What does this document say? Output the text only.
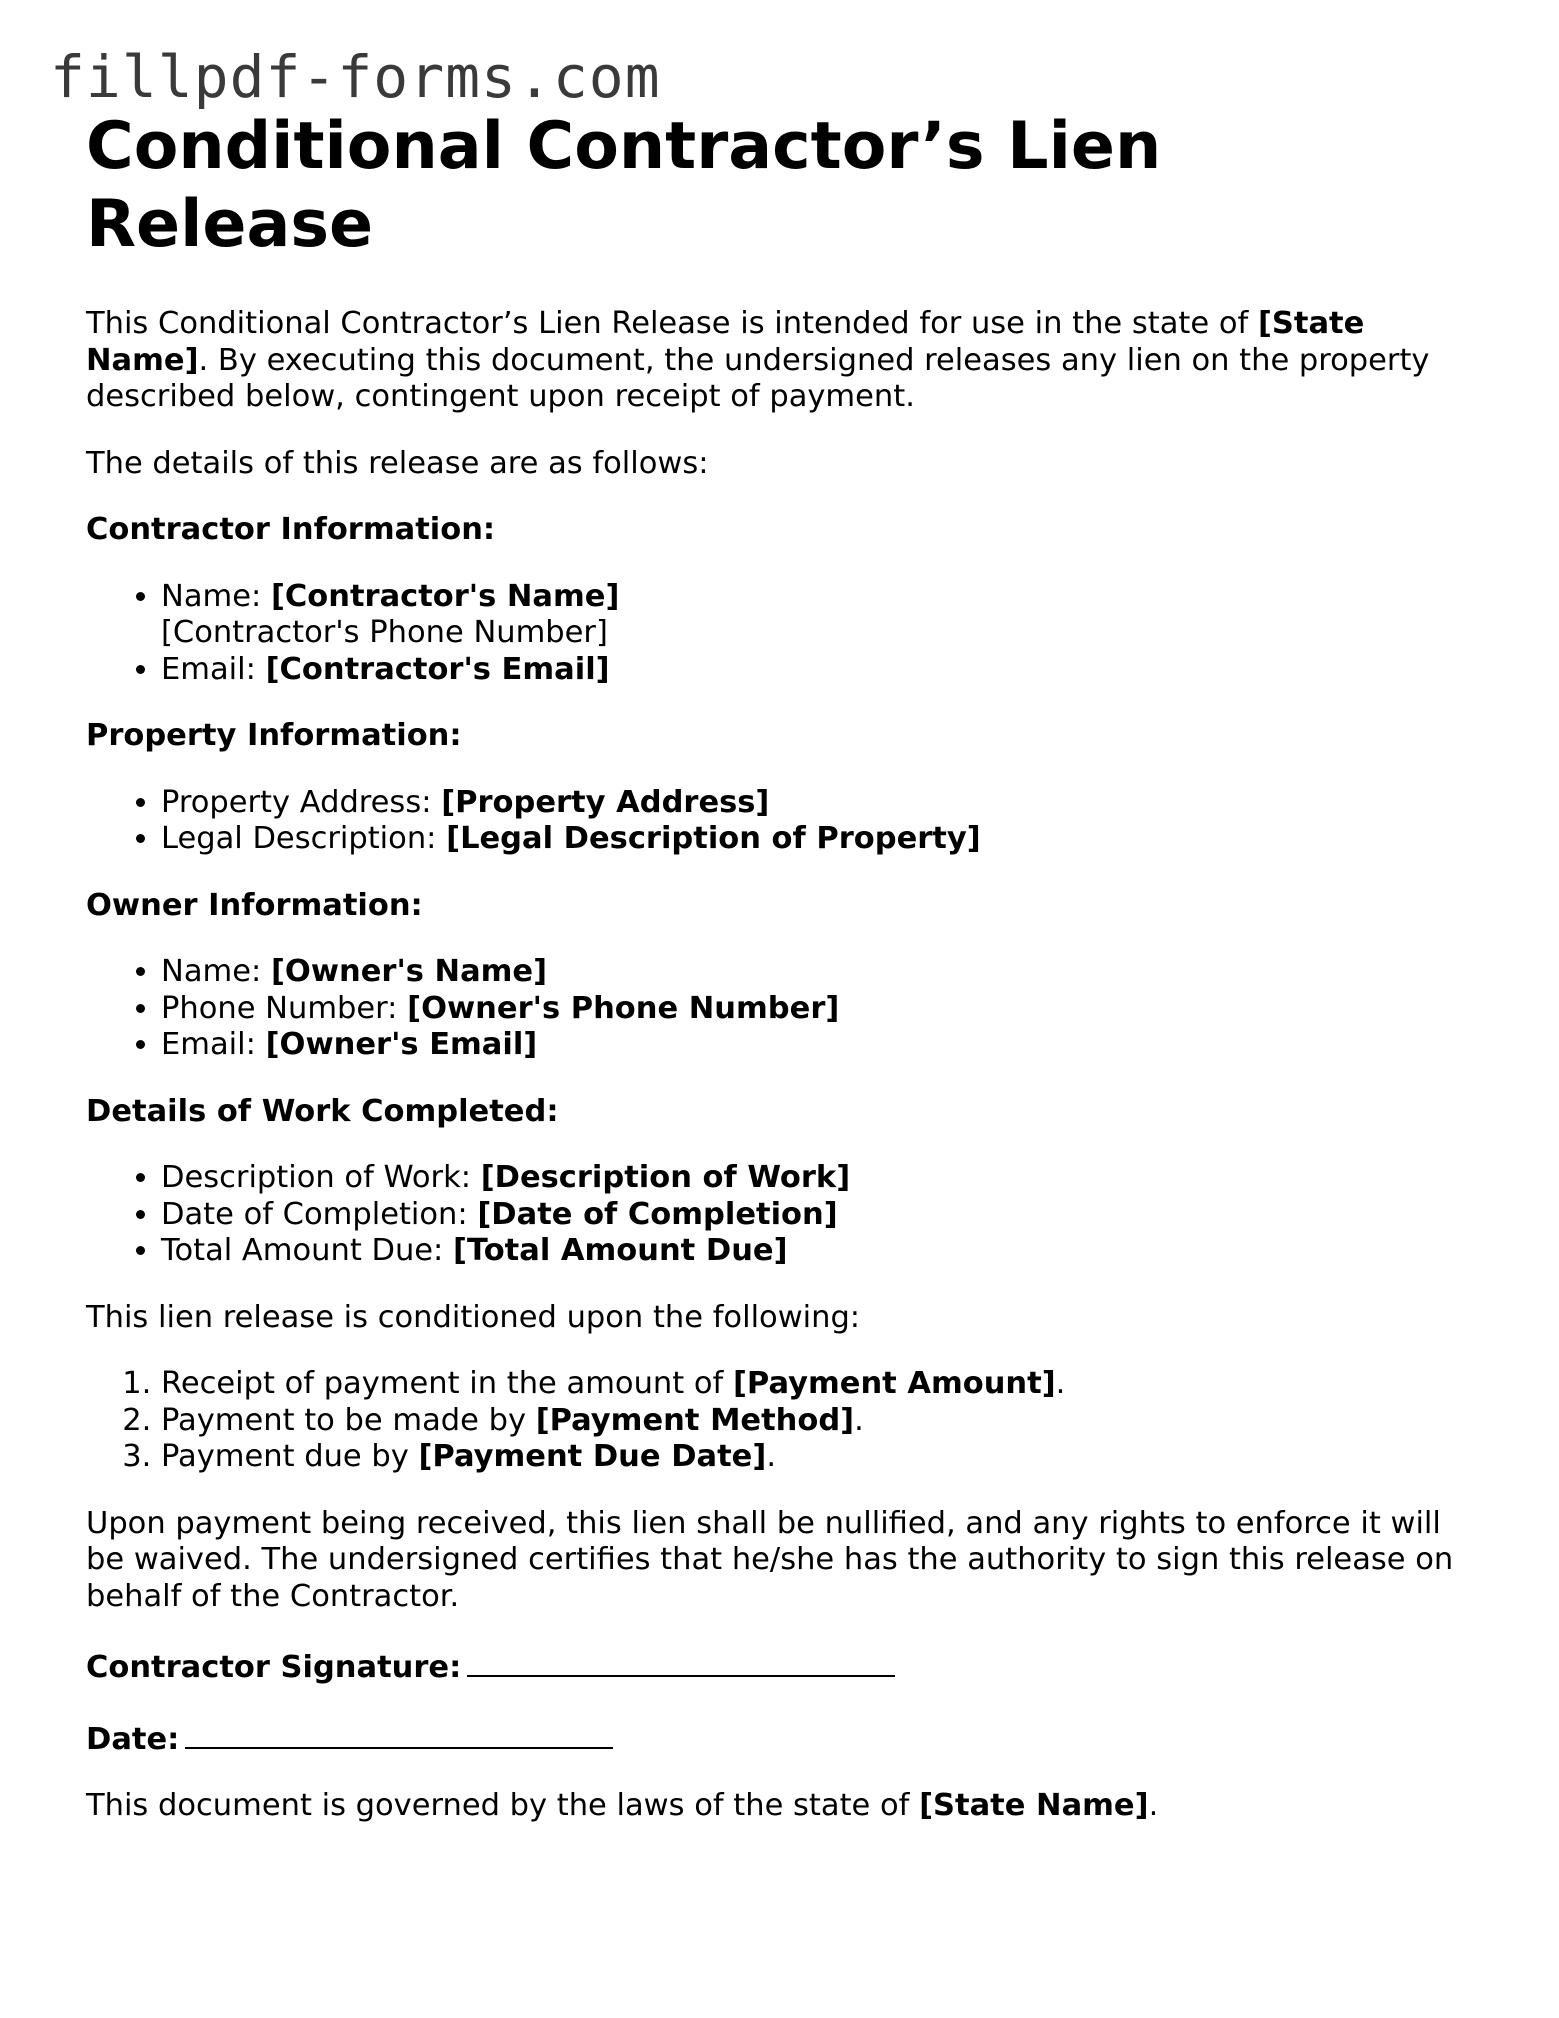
fillpdf-forms.com
Conditional Contractor’s Lien Release

This Conditional Contractor’s Lien Release is intended for use in the state of [State Name]. By executing this document, the undersigned releases any lien on the property described below, contingent upon receipt of payment.

The details of this release are as follows:

Contractor Information:

• Name: [Contractor's Name]
[Contractor's Phone Number]
• Email: [Contractor's Email]

Property Information:

• Property Address: [Property Address]
• Legal Description: [Legal Description of Property]

Owner Information:

• Name: [Owner's Name]
• Phone Number: [Owner's Phone Number]
• Email: [Owner's Email]

Details of Work Completed:

• Description of Work: [Description of Work]
• Date of Completion: [Date of Completion]
• Total Amount Due: [Total Amount Due]

This lien release is conditioned upon the following:

1. Receipt of payment in the amount of [Payment Amount].
2. Payment to be made by [Payment Method].
3. Payment due by [Payment Due Date].

Upon payment being received, this lien shall be nullified, and any rights to enforce it will be waived. The undersigned certifies that he/she has the authority to sign this release on behalf of the Contractor.

Contractor Signature:

Date:

This document is governed by the laws of the state of [State Name].
